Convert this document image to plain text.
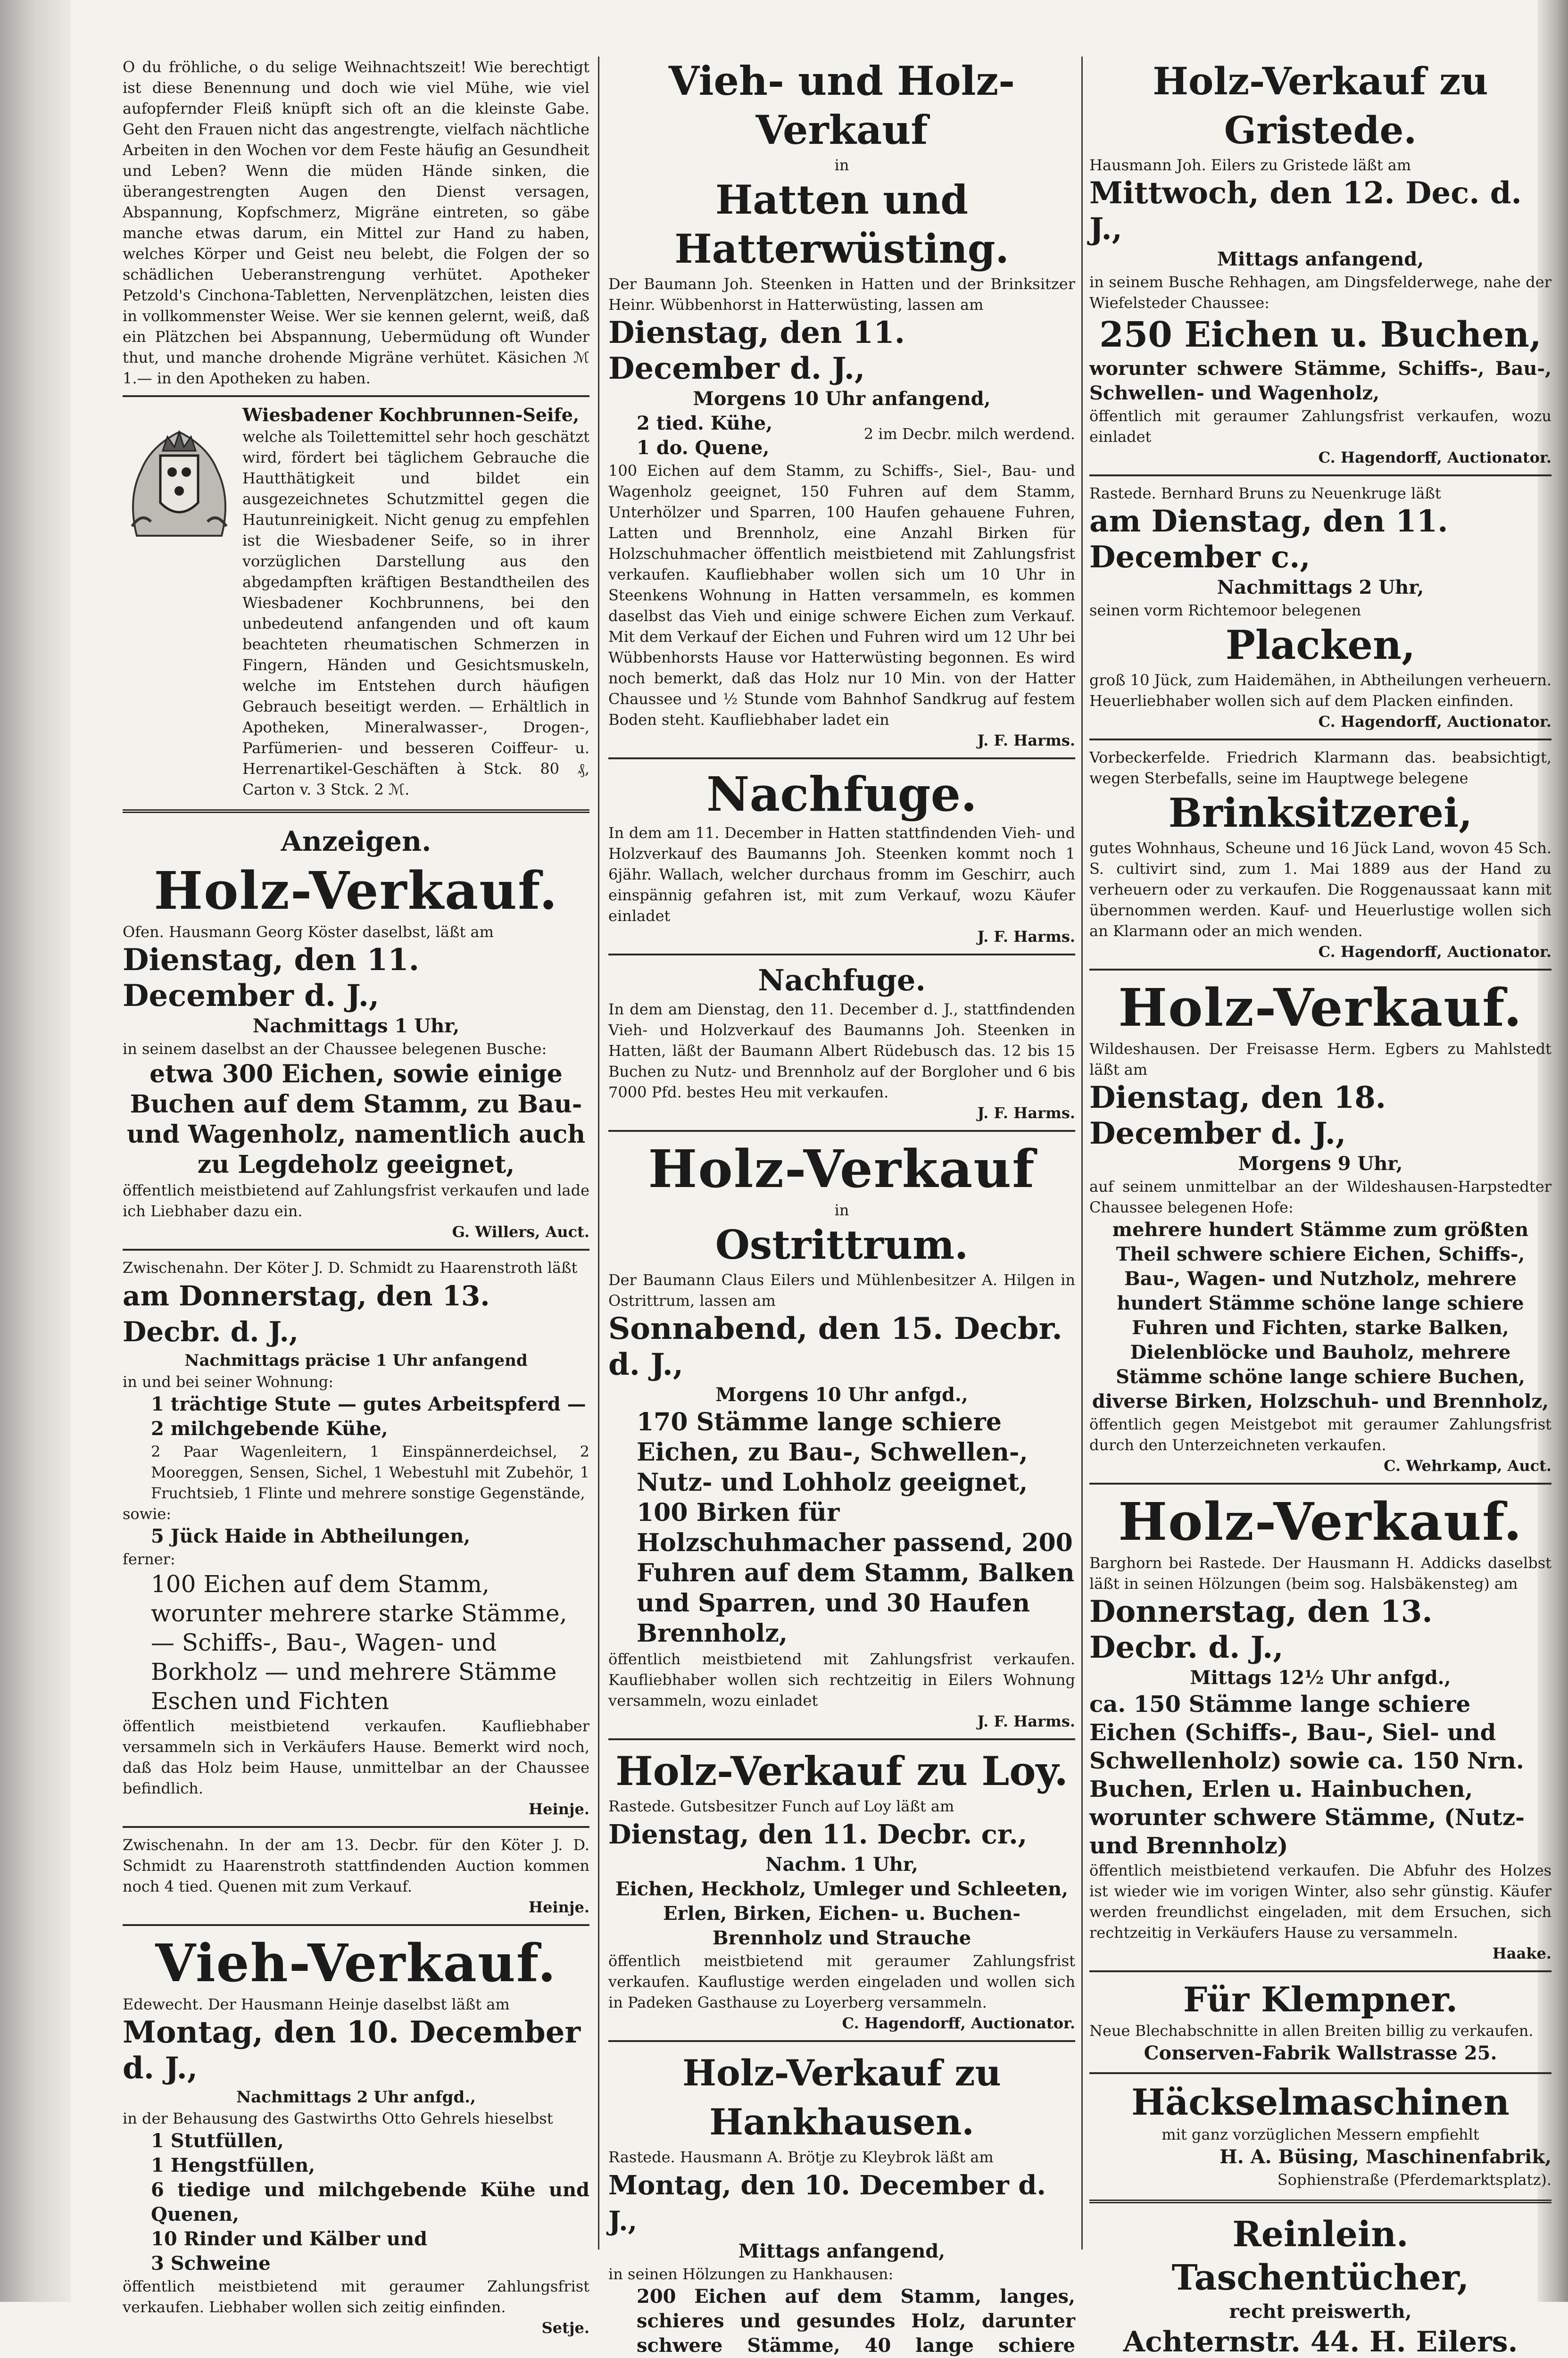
O du fröhliche, o du selige Weihnachtszeit! Wie berechtigt ist diese Benennung und doch wie viel Mühe, wie viel aufopfernder Fleiß knüpft sich oft an die kleinste Gabe. Geht den Frauen nicht das angestrengte, vielfach nächtliche Arbeiten in den Wochen vor dem Feste häufig an Gesundheit und Leben? Wenn die müden Hände sinken, die überangestrengten Augen den Dienst versagen, Abspannung, Kopfschmerz, Migräne eintreten, so gäbe manche etwas darum, ein Mittel zur Hand zu haben, welches Körper und Geist neu belebt, die Folgen der so schädlichen Ueberanstrengung verhütet. Apotheker Petzold's Cinchona-Tabletten, Nervenplätzchen, leisten dies in vollkommenster Weise. Wer sie kennen gelernt, weiß, daß ein Plätzchen bei Abspannung, Uebermüdung oft Wunder thut, und manche drohende Migräne verhütet. Käsichen ℳ 1.— in den Apotheken zu haben.

Wiesbadener Kochbrunnen-Seife,

welche als Toilettemittel sehr hoch geschätzt wird, fördert bei täglichem Gebrauche die Hautthätigkeit und bildet ein ausgezeichnetes Schutzmittel gegen die Hautunreinigkeit. Nicht genug zu empfehlen ist die Wiesbadener Seife, so in ihrer vorzüglichen Darstellung aus den abgedampften kräftigen Bestandtheilen des Wiesbadener Kochbrunnens, bei den unbedeutend anfangenden und oft kaum beachteten rheumatischen Schmerzen in Fingern, Händen und Gesichtsmuskeln, welche im Entstehen durch häufigen Gebrauch beseitigt werden. — Erhältlich in Apotheken, Mineralwasser-, Drogen-, Parfümerien- und besseren Coiffeur- u. Herrenartikel-Geschäften à Stck. 80 ₰, Carton v. 3 Stck. 2 ℳ.

Anzeigen.

Holz-Verkauf.

Ofen. Hausmann Georg Köster daselbst, läßt am

Dienstag, den 11. December d. J.,

Nachmittags 1 Uhr,

in seinem daselbst an der Chaussee belegenen Busche:

etwa 300 Eichen, sowie einige Buchen auf dem Stamm, zu Bau- und Wagenholz, namentlich auch zu Legdeholz geeignet,

öffentlich meistbietend auf Zahlungsfrist verkaufen und lade ich Liebhaber dazu ein.

G. Willers, Auct.

Zwischenahn. Der Köter J. D. Schmidt zu Haarenstroth läßt

am Donnerstag, den 13. Decbr. d. J.,

Nachmittags präcise 1 Uhr anfangend

in und bei seiner Wohnung:

1 trächtige Stute — gutes Arbeitspferd —

2 milchgebende Kühe,

2 Paar Wagenleitern, 1 Einspännerdeichsel, 2 Mooreggen, Sensen, Sichel, 1 Webestuhl mit Zubehör, 1 Fruchtsieb, 1 Flinte und mehrere sonstige Gegenstände,

sowie:

5 Jück Haide in Abtheilungen,

ferner:

100 Eichen auf dem Stamm, worunter mehrere starke Stämme, — Schiffs-, Bau-, Wagen- und Borkholz — und mehrere Stämme Eschen und Fichten

öffentlich meistbietend verkaufen. Kaufliebhaber versammeln sich in Verkäufers Hause. Bemerkt wird noch, daß das Holz beim Hause, unmittelbar an der Chaussee befindlich.

Heinje.

Zwischenahn. In der am 13. Decbr. für den Köter J. D. Schmidt zu Haarenstroth stattfindenden Auction kommen noch 4 tied. Quenen mit zum Verkauf.

Heinje.

Vieh-Verkauf.

Edewecht. Der Hausmann Heinje daselbst läßt am

Montag, den 10. December d. J.,

Nachmittags 2 Uhr anfgd.,

in der Behausung des Gastwirths Otto Gehrels hieselbst

1 Stutfüllen,

1 Hengstfüllen,

6 tiedige und milchgebende Kühe und Quenen,

10 Rinder und Kälber und

3 Schweine

öffentlich meistbietend mit geraumer Zahlungsfrist verkaufen. Liebhaber wollen sich zeitig einfinden.

Setje.

Vieh- und Holz-Verkauf

in

Hatten und Hatterwüsting.

Der Baumann Joh. Steenken in Hatten und der Brinksitzer Heinr. Wübbenhorst in Hatterwüsting, lassen am

Dienstag, den 11. December d. J.,

Morgens 10 Uhr anfangend,

2 tied. Kühe,

1 do. Quene,

2 im Decbr. milch werdend.

100 Eichen auf dem Stamm, zu Schiffs-, Siel-, Bau- und Wagenholz geeignet, 150 Fuhren auf dem Stamm, Unterhölzer und Sparren, 100 Haufen gehauene Fuhren, Latten und Brennholz, eine Anzahl Birken für Holzschuhmacher öffentlich meistbietend mit Zahlungsfrist verkaufen. Kaufliebhaber wollen sich um 10 Uhr in Steenkens Wohnung in Hatten versammeln, es kommen daselbst das Vieh und einige schwere Eichen zum Verkauf. Mit dem Verkauf der Eichen und Fuhren wird um 12 Uhr bei Wübbenhorsts Hause vor Hatterwüsting begonnen. Es wird noch bemerkt, daß das Holz nur 10 Min. von der Hatter Chaussee und ½ Stunde vom Bahnhof Sandkrug auf festem Boden steht. Kaufliebhaber ladet ein

J. F. Harms.

Nachfuge.

In dem am 11. December in Hatten stattfindenden Vieh- und Holzverkauf des Baumanns Joh. Steenken kommt noch 1 6jähr. Wallach, welcher durchaus fromm im Geschirr, auch einspännig gefahren ist, mit zum Verkauf, wozu Käufer einladet

J. F. Harms.

Nachfuge.

In dem am Dienstag, den 11. December d. J., stattfindenden Vieh- und Holzverkauf des Baumanns Joh. Steenken in Hatten, läßt der Baumann Albert Rüdebusch das. 12 bis 15 Buchen zu Nutz- und Brennholz auf der Borgloher und 6 bis 7000 Pfd. bestes Heu mit verkaufen.

J. F. Harms.

Holz-Verkauf

in

Ostrittrum.

Der Baumann Claus Eilers und Mühlenbesitzer A. Hilgen in Ostrittrum, lassen am

Sonnabend, den 15. Decbr. d. J.,

Morgens 10 Uhr anfgd.,

170 Stämme lange schiere Eichen, zu Bau-, Schwellen-, Nutz- und Lohholz geeignet, 100 Birken für Holzschuhmacher passend, 200 Fuhren auf dem Stamm, Balken und Sparren, und 30 Haufen Brennholz,

öffentlich meistbietend mit Zahlungsfrist verkaufen. Kaufliebhaber wollen sich rechtzeitig in Eilers Wohnung versammeln, wozu einladet

J. F. Harms.

Holz-Verkauf zu Loy.

Rastede. Gutsbesitzer Funch auf Loy läßt am

Dienstag, den 11. Decbr. cr.,

Nachm. 1 Uhr,

Eichen, Heckholz, Umleger und Schleeten, Erlen, Birken, Eichen- u. Buchen-Brennholz und Strauche

öffentlich meistbietend mit geraumer Zahlungsfrist verkaufen. Kauflustige werden eingeladen und wollen sich in Padeken Gasthause zu Loyerberg versammeln.

C. Hagendorff, Auctionator.

Holz-Verkauf zu Hankhausen.

Rastede. Hausmann A. Brötje zu Kleybrok läßt am

Montag, den 10. December d. J.,

Mittags anfangend,

in seinen Hölzungen zu Hankhausen:

200 Eichen auf dem Stamm, langes, schieres und gesundes Holz, darunter schwere Stämme, 40 lange schiere

Holz-Verkauf zu Gristede.

Hausmann Joh. Eilers zu Gristede läßt am

Mittwoch, den 12. Dec. d. J.,

Mittags anfangend,

in seinem Busche Rehhagen, am Dingsfelderwege, nahe der Wiefelsteder Chaussee:

250 Eichen u. Buchen,

worunter schwere Stämme, Schiffs-, Bau-, Schwellen- und Wagenholz,

öffentlich mit geraumer Zahlungsfrist verkaufen, wozu einladet

C. Hagendorff, Auctionator.

Rastede. Bernhard Bruns zu Neuenkruge läßt

am Dienstag, den 11. December c.,

Nachmittags 2 Uhr,

seinen vorm Richtemoor belegenen

Placken,

groß 10 Jück, zum Haidemähen, in Abtheilungen verheuern. Heuerliebhaber wollen sich auf dem Placken einfinden.

C. Hagendorff, Auctionator.

Vorbeckerfelde. Friedrich Klarmann das. beabsichtigt, wegen Sterbefalls, seine im Hauptwege belegene

Brinksitzerei,

gutes Wohnhaus, Scheune und 16 Jück Land, wovon 45 Sch. S. cultivirt sind, zum 1. Mai 1889 aus der Hand zu verheuern oder zu verkaufen. Die Roggenaussaat kann mit übernommen werden. Kauf- und Heuerlustige wollen sich an Klarmann oder an mich wenden.

C. Hagendorff, Auctionator.

Holz-Verkauf.

Wildeshausen. Der Freisasse Herm. Egbers zu Mahlstedt läßt am

Dienstag, den 18. December d. J.,

Morgens 9 Uhr,

auf seinem unmittelbar an der Wildeshausen-Harpstedter Chaussee belegenen Hofe:

mehrere hundert Stämme zum größten Theil schwere schiere Eichen, Schiffs-, Bau-, Wagen- und Nutzholz, mehrere hundert Stämme schöne lange schiere Fuhren und Fichten, starke Balken, Dielenblöcke und Bauholz, mehrere Stämme schöne lange schiere Buchen, diverse Birken, Holzschuh- und Brennholz,

öffentlich gegen Meistgebot mit geraumer Zahlungsfrist durch den Unterzeichneten verkaufen.

C. Wehrkamp, Auct.

Holz-Verkauf.

Barghorn bei Rastede. Der Hausmann H. Addicks daselbst läßt in seinen Hölzungen (beim sog. Halsbäkensteg) am

Donnerstag, den 13. Decbr. d. J.,

Mittags 12½ Uhr anfgd.,

ca. 150 Stämme lange schiere Eichen (Schiffs-, Bau-, Siel- und Schwellenholz) sowie ca. 150 Nrn. Buchen, Erlen u. Hainbuchen, worunter schwere Stämme, (Nutz- und Brennholz)

öffentlich meistbietend verkaufen. Die Abfuhr des Holzes ist wieder wie im vorigen Winter, also sehr günstig. Käufer werden freundlichst eingeladen, mit dem Ersuchen, sich rechtzeitig in Verkäufers Hause zu versammeln.

Haake.

Für Klempner.

Neue Blechabschnitte in allen Breiten billig zu verkaufen.

Conserven-Fabrik Wallstrasse 25.

Häckselmaschinen

mit ganz vorzüglichen Messern empfiehlt

H. A. Büsing, Maschinenfabrik,

Sophienstraße (Pferdemarktsplatz).

Reinlein. Taschentücher,

recht preiswerth,

Achternstr. 44. H. Eilers.
